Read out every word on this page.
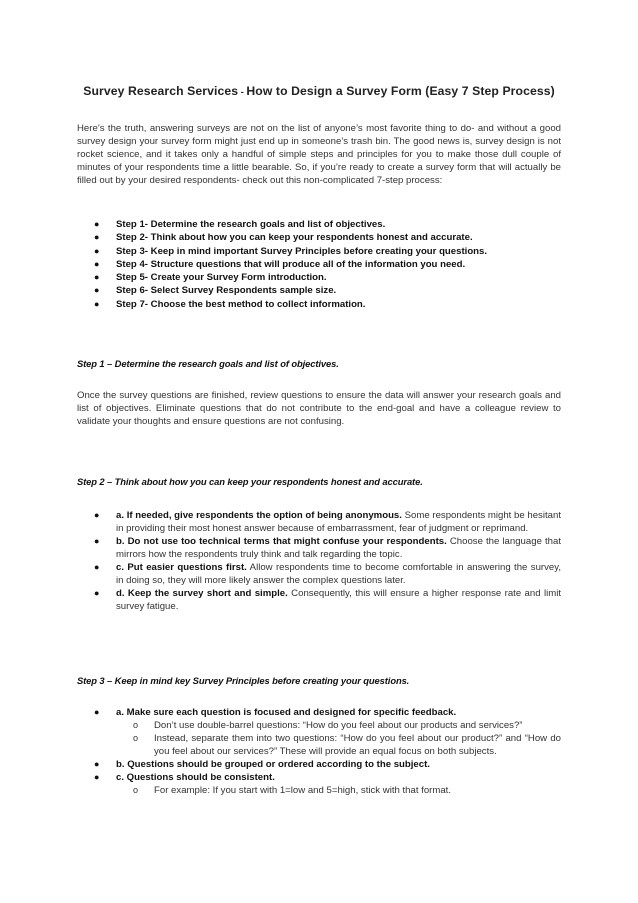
Survey Research Services - How to Design a Survey Form (Easy 7 Step Process)

Here’s the truth, answering surveys are not on the list of anyone’s most favorite thing to do- and without a good survey design your survey form might just end up in someone’s trash bin. The good news is, survey design is not rocket science, and it takes only a handful of simple steps and principles for you to make those dull couple of minutes of your respondents time a little bearable. So, if you’re ready to create a survey form that will actually be filled out by your desired respondents- check out this non-complicated 7-step process:

● Step 1- Determine the research goals and list of objectives.
● Step 2- Think about how you can keep your respondents honest and accurate.
● Step 3- Keep in mind important Survey Principles before creating your questions.
● Step 4- Structure questions that will produce all of the information you need.
● Step 5- Create your Survey Form introduction.
● Step 6- Select Survey Respondents sample size.
● Step 7- Choose the best method to collect information.

Step 1 – Determine the research goals and list of objectives.

Once the survey questions are finished, review questions to ensure the data will answer your research goals and list of objectives. Eliminate questions that do not contribute to the end-goal and have a colleague review to validate your thoughts and ensure questions are not confusing.

Step 2 – Think about how you can keep your respondents honest and accurate.

● a. If needed, give respondents the option of being anonymous. Some respondents might be hesitant in providing their most honest answer because of embarrassment, fear of judgment or reprimand.
● b. Do not use too technical terms that might confuse your respondents. Choose the language that mirrors how the respondents truly think and talk regarding the topic.
● c. Put easier questions first. Allow respondents time to become comfortable in answering the survey, in doing so, they will more likely answer the complex questions later.
● d. Keep the survey short and simple. Consequently, this will ensure a higher response rate and limit survey fatigue.

Step 3 – Keep in mind key Survey Principles before creating your questions.

● a. Make sure each question is focused and designed for specific feedback.
o Don’t use double-barrel questions: “How do you feel about our products and services?”
o Instead, separate them into two questions: “How do you feel about our product?” and “How do you feel about our services?” These will provide an equal focus on both subjects.
● b. Questions should be grouped or ordered according to the subject.
● c. Questions should be consistent.
o For example: If you start with 1=low and 5=high, stick with that format.
